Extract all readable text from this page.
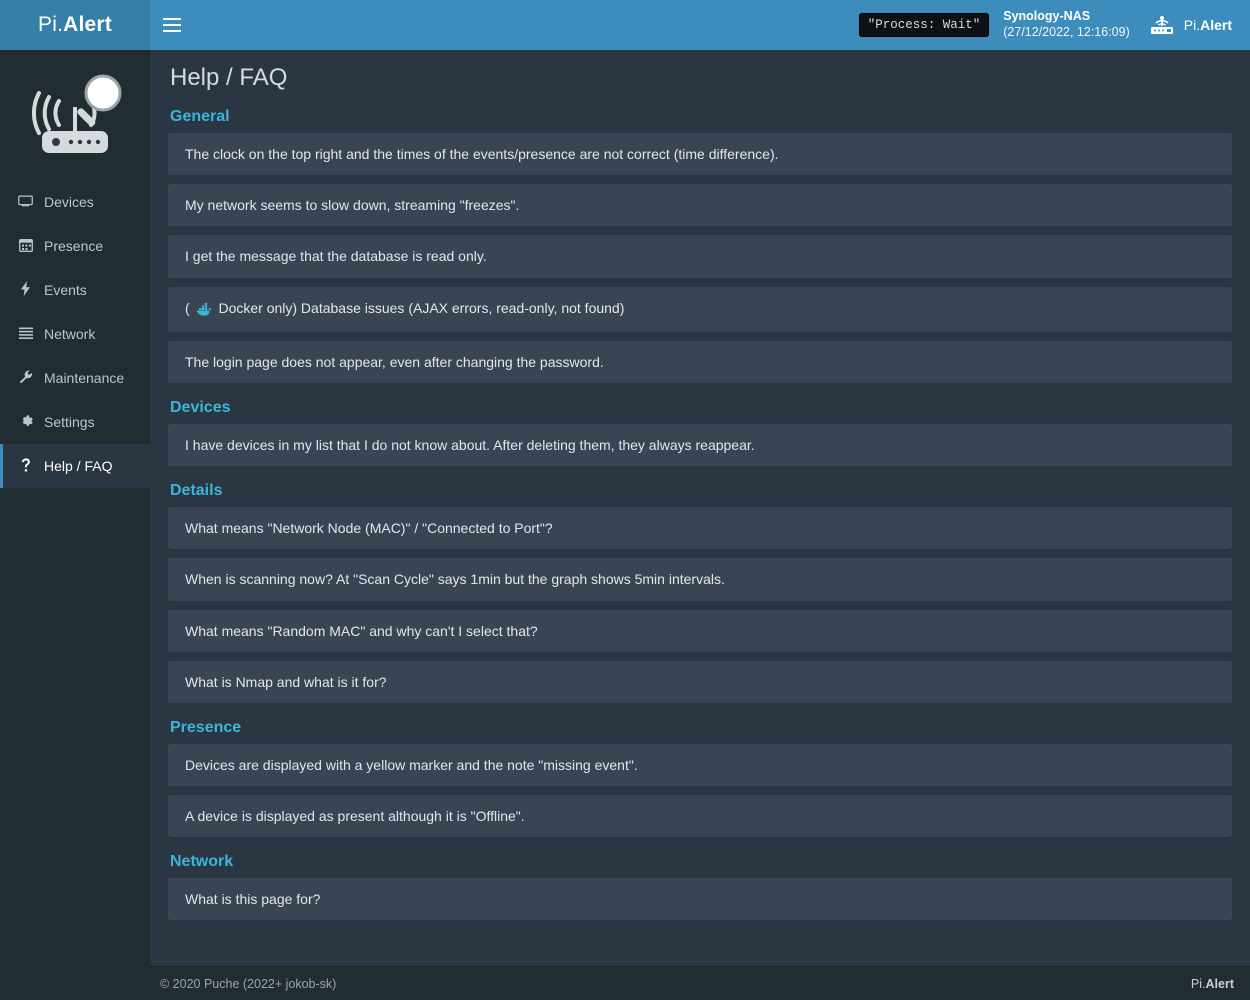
Pi. Alert	"Process: Wait"
Synology-NAS
(27/12/2022, 12:16:09)	Pi.Alert
Devices
Presence
Events
Network
Maintenance
Settings
Help / FAQ
Help / FAQ
General
The clock on the top right and the times of the events/presence are not correct (time difference).
My network seems to slow down, streaming "freezes".
I get the message that the database is read only.
(  Docker only) Database issues (AJAX errors, read-only, not found)
The login page does not appear, even after changing the password.
Devices
I have devices in my list that I do not know about. After deleting them, they always reappear.
Details
What means "Network Node (MAC)" / "Connected to Port"?
When is scanning now? At "Scan Cycle" says 1min but the graph shows 5min intervals.
What means "Random MAC" and why can't I select that?
What is Nmap and what is it for?
Presence
Devices are displayed with a yellow marker and the note "missing event".
A device is displayed as present although it is "Offline".
Network
What is this page for?
© 2020 Puche (2022+ jokob-sk)	Pi.Alert
